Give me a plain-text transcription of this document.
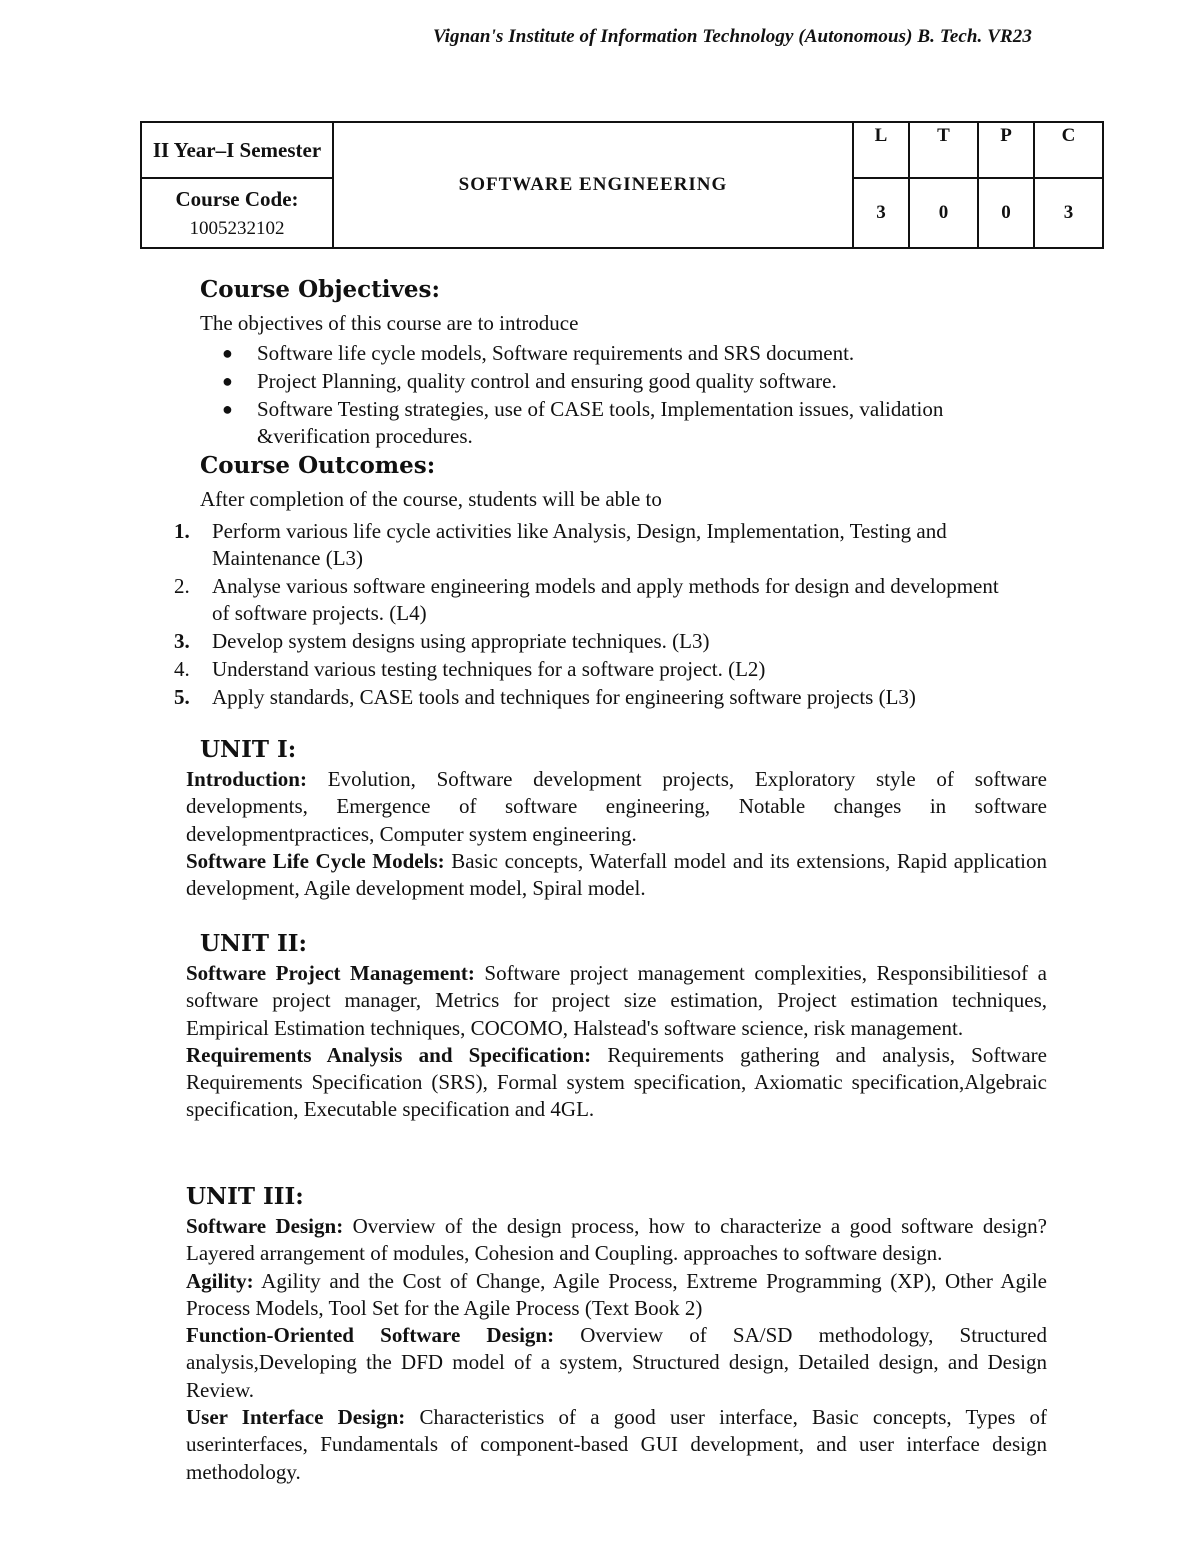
Vignan's Institute of Information Technology (Autonomous) B. Tech. VR23
II Year–I Semester	SOFTWARE ENGINEERING	L	T	P	C

Course Code:
1005232102		3	0	0	3
Course Objectives:
The objectives of this course are to introduce
● Software life cycle models, Software requirements and SRS document.
● Project Planning, quality control and ensuring good quality software.
● Software Testing strategies, use of CASE tools, Implementation issues, validation &verification procedures.
Course Outcomes:
After completion of the course, students will be able to
1. Perform various life cycle activities like Analysis, Design, Implementation, Testing and Maintenance (L3)
2. Analyse various software engineering models and apply methods for design and development of software projects. (L4)
3. Develop system designs using appropriate techniques. (L3)
4. Understand various testing techniques for a software project. (L2)
5. Apply standards, CASE tools and techniques for engineering software projects (L3)
UNIT I:

Introduction: Evolution, Software development projects, Exploratory style of software developments, Emergence of software engineering, Notable changes in software developmentpractices, Computer system engineering.

Software Life Cycle Models: Basic concepts, Waterfall model and its extensions, Rapid application development, Agile development model, Spiral model.

UNIT II:

Software Project Management: Software project management complexities, Responsibilitiesof a software project manager, Metrics for project size estimation, Project estimation techniques, Empirical Estimation techniques, COCOMO, Halstead's software science, risk management.

Requirements Analysis and Specification: Requirements gathering and analysis, Software Requirements Specification (SRS), Formal system specification, Axiomatic specification,Algebraic specification, Executable specification and 4GL.

UNIT III:

Software Design: Overview of the design process, how to characterize a good software design? Layered arrangement of modules, Cohesion and Coupling. approaches to software design.

Agility: Agility and the Cost of Change, Agile Process, Extreme Programming (XP), Other Agile Process Models, Tool Set for the Agile Process (Text Book 2)

Function-Oriented Software Design: Overview of SA/SD methodology, Structured analysis,Developing the DFD model of a system, Structured design, Detailed design, and Design Review.

User Interface Design: Characteristics of a good user interface, Basic concepts, Types of userinterfaces, Fundamentals of component-based GUI development, and user interface design methodology.
